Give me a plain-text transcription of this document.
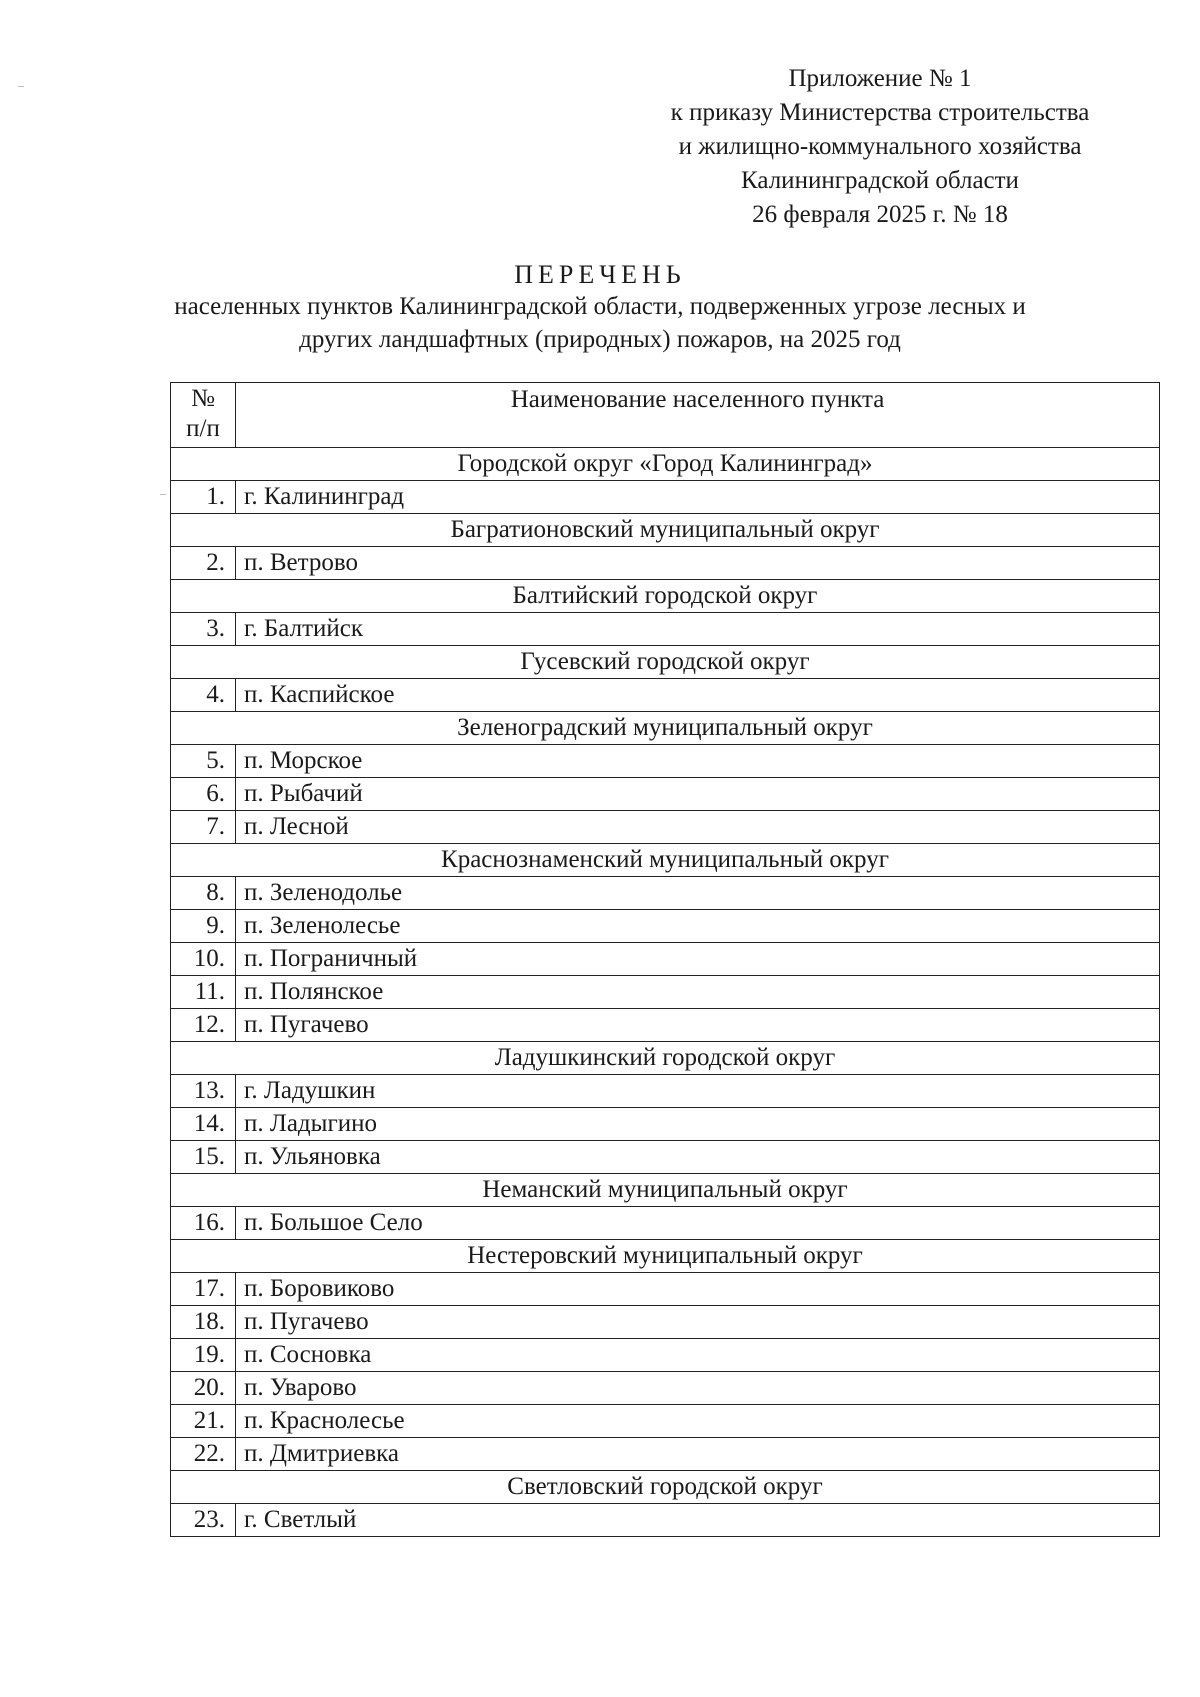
Приложение № 1
к приказу Министерства строительства
и жилищно-коммунального хозяйства
Калининградской области
26 февраля 2025 г. № 18
ПЕРЕЧЕНЬ
населенных пунктов Калининградской области, подверженных угрозе лесных и
других ландшафтных (природных) пожаров, на 2025 год
№
п/п	Наименование населенного пункта
Городской округ «Город Калининград»	
1.	г. Калининград
Багратионовский муниципальный округ	
2.	п. Ветрово
Балтийский городской округ	
3.	г. Балтийск
Гусевский городской округ	
4.	п. Каспийское
Зеленоградский муниципальный округ	
5.	п. Морское
6.	п. Рыбачий
7.	п. Лесной
Краснознаменский муниципальный округ	
8.	п. Зеленодолье
9.	п. Зеленолесье
10.	п. Пограничный
11.	п. Полянское
12.	п. Пугачево
Ладушкинский городской округ	
13.	г. Ладушкин
14.	п. Ладыгино
15.	п. Ульяновка
Неманский муниципальный округ	
16.	п. Большое Село
Нестеровский муниципальный округ	
17.	п. Боровиково
18.	п. Пугачево
19.	п. Сосновка
20.	п. Уварово
21.	п. Краснолесье
22.	п. Дмитриевка
Светловский городской округ	
23.	г. Светлый
